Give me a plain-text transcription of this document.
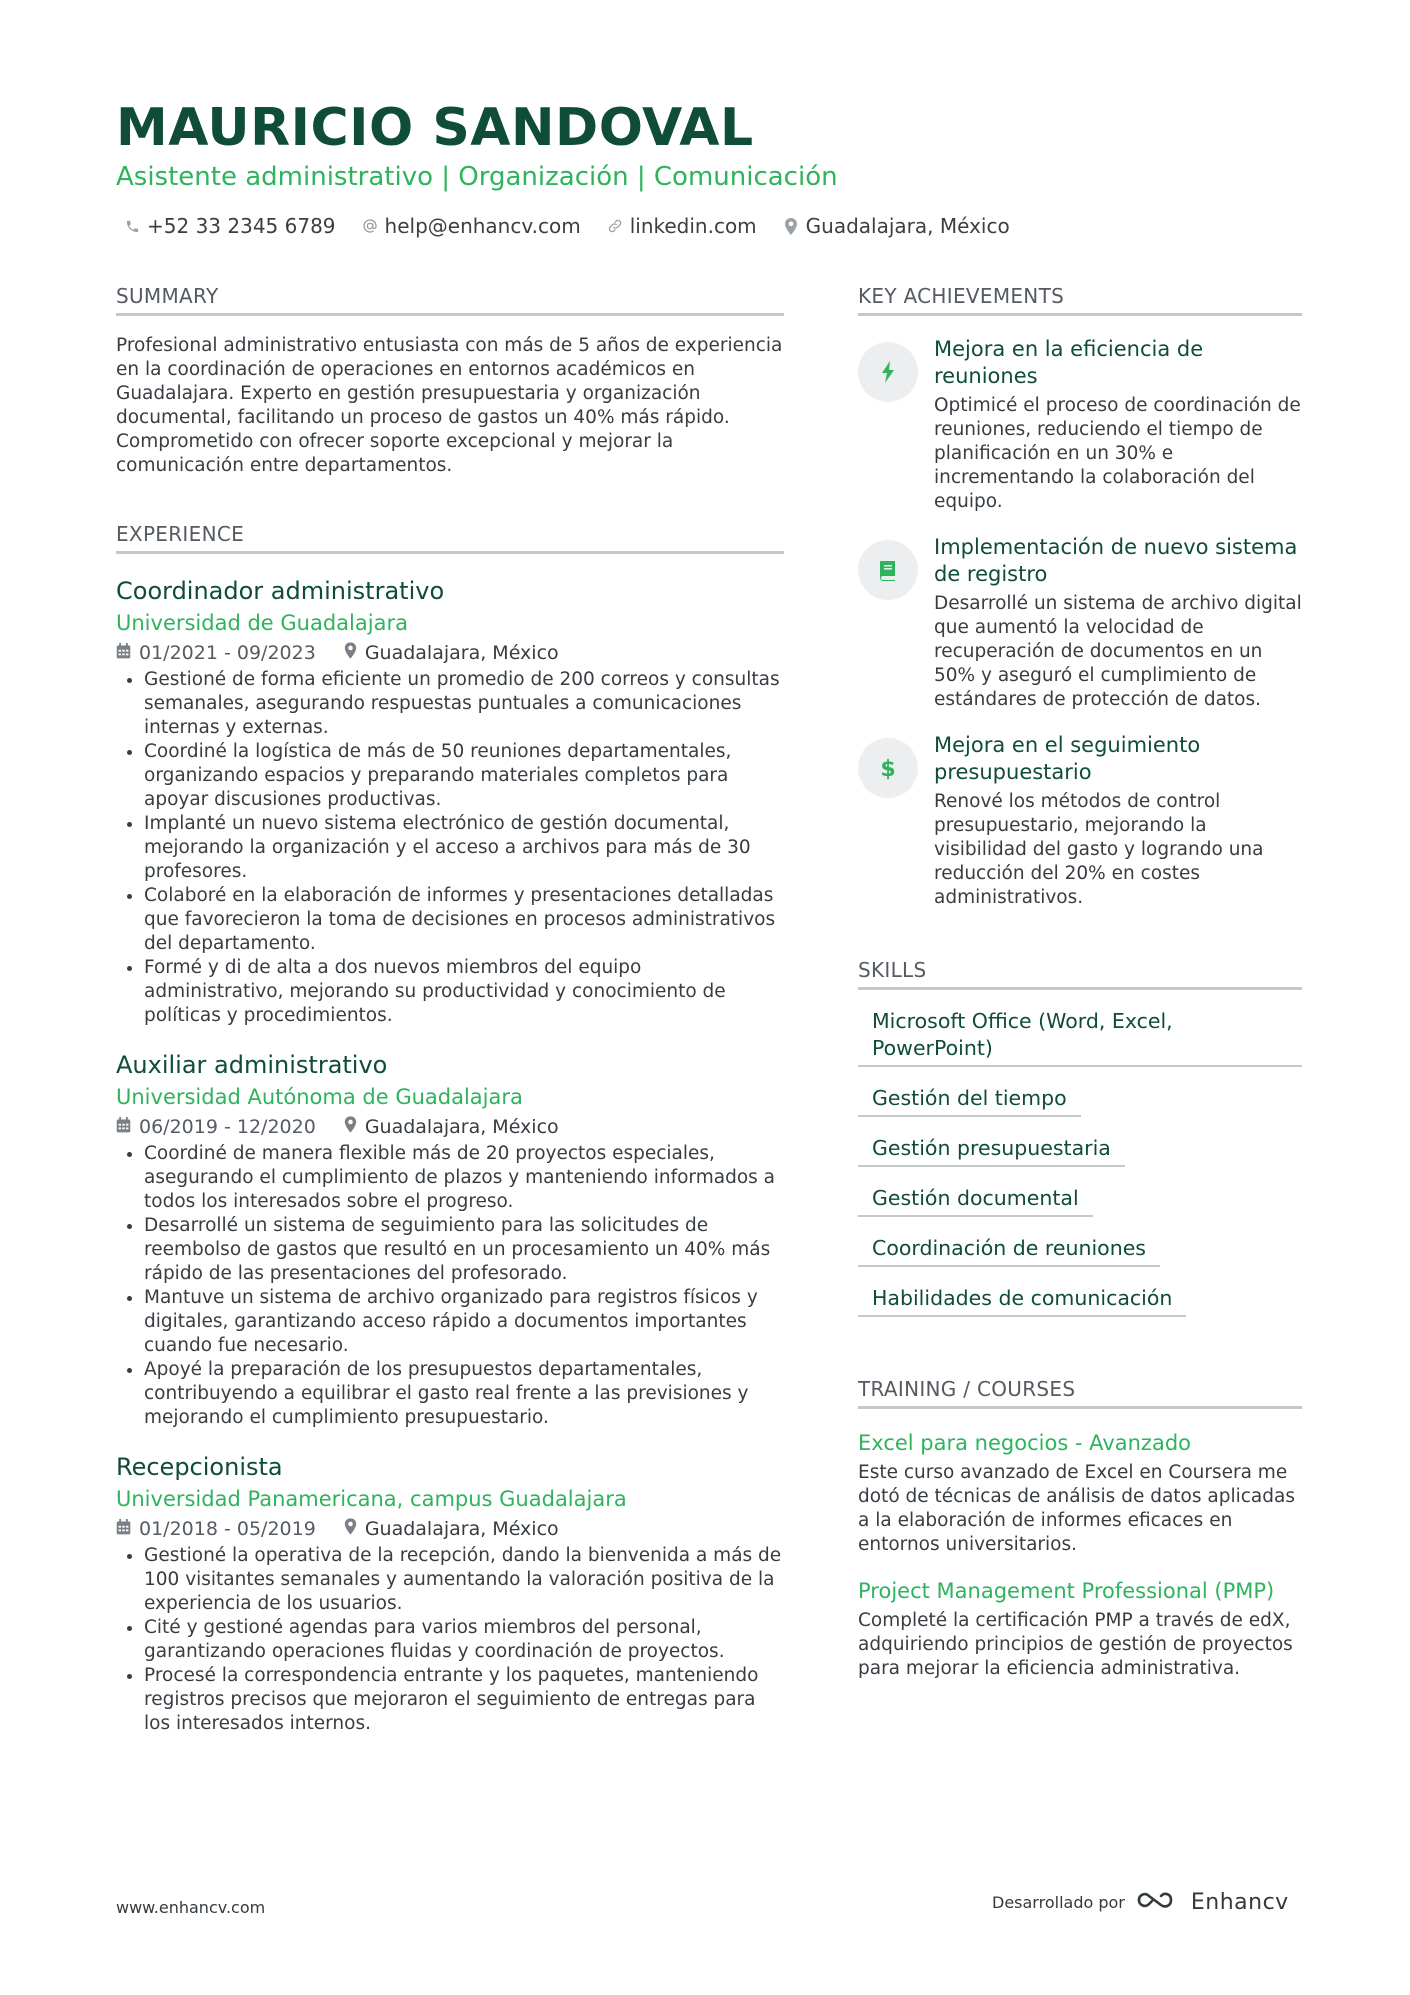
MAURICIO SANDOVAL
Asistente administrativo | Organización | Comunicación
+52 33 2345 6789 help@enhancv.com linkedin.com Guadalajara, México
SUMMARY

Profesional administrativo entusiasta con más de 5 años de experiencia en la coordinación de operaciones en entornos académicos en Guadalajara. Experto en gestión presupuestaria y organización documental, facilitando un proceso de gastos un 40% más rápido. Comprometido con ofrecer soporte excepcional y mejorar la comunicación entre departamentos.

EXPERIENCE
Coordinador administrativo
Universidad de Guadalajara
01/2021 - 09/2023	Guadalajara, México
Gestioné de forma eficiente un promedio de 200 correos y consultas semanales, asegurando respuestas puntuales a comunicaciones internas y externas.
Coordiné la logística de más de 50 reuniones departamentales, organizando espacios y preparando materiales completos para apoyar discusiones productivas.
Implanté un nuevo sistema electrónico de gestión documental, mejorando la organización y el acceso a archivos para más de 30 profesores.
Colaboré en la elaboración de informes y presentaciones detalladas que favorecieron la toma de decisiones en procesos administrativos del departamento.
Formé y di de alta a dos nuevos miembros del equipo administrativo, mejorando su productividad y conocimiento de políticas y procedimientos.
Auxiliar administrativo
Universidad Autónoma de Guadalajara
06/2019 - 12/2020	Guadalajara, México
Coordiné de manera flexible más de 20 proyectos especiales, asegurando el cumplimiento de plazos y manteniendo informados a todos los interesados sobre el progreso.
Desarrollé un sistema de seguimiento para las solicitudes de reembolso de gastos que resultó en un procesamiento un 40% más rápido de las presentaciones del profesorado.
Mantuve un sistema de archivo organizado para registros físicos y digitales, garantizando acceso rápido a documentos importantes cuando fue necesario.
Apoyé la preparación de los presupuestos departamentales, contribuyendo a equilibrar el gasto real frente a las previsiones y mejorando el cumplimiento presupuestario.
Recepcionista
Universidad Panamericana, campus Guadalajara
01/2018 - 05/2019	Guadalajara, México
Gestioné la operativa de la recepción, dando la bienvenida a más de 100 visitantes semanales y aumentando la valoración positiva de la experiencia de los usuarios.
Cité y gestioné agendas para varios miembros del personal, garantizando operaciones fluidas y coordinación de proyectos.
Procesé la correspondencia entrante y los paquetes, manteniendo registros precisos que mejoraron el seguimiento de entregas para los interesados internos.
KEY ACHIEVEMENTS
Mejora en la eficiencia de reuniones
Optimicé el proceso de coordinación de reuniones, reduciendo el tiempo de planificación en un 30% e incrementando la colaboración del equipo.
Implementación de nuevo sistema de registro
Desarrollé un sistema de archivo digital que aumentó la velocidad de recuperación de documentos en un 50% y aseguró el cumplimiento de estándares de protección de datos.
$
Mejora en el seguimiento presupuestario
Renové los métodos de control presupuestario, mejorando la visibilidad del gasto y logrando una reducción del 20% en costes administrativos.
SKILLS
Microsoft Office (Word, Excel, PowerPoint)
Gestión del tiempo
Gestión presupuestaria
Gestión documental
Coordinación de reuniones
Habilidades de comunicación
TRAINING / COURSES
Excel para negocios - Avanzado
Este curso avanzado de Excel en Coursera me dotó de técnicas de análisis de datos aplicadas a la elaboración de informes eficaces en entornos universitarios.
Project Management Professional (PMP)
Completé la certificación PMP a través de edX, adquiriendo principios de gestión de proyectos para mejorar la eficiencia administrativa.
www.enhancv.com	Desarrollado por	Enhancv
